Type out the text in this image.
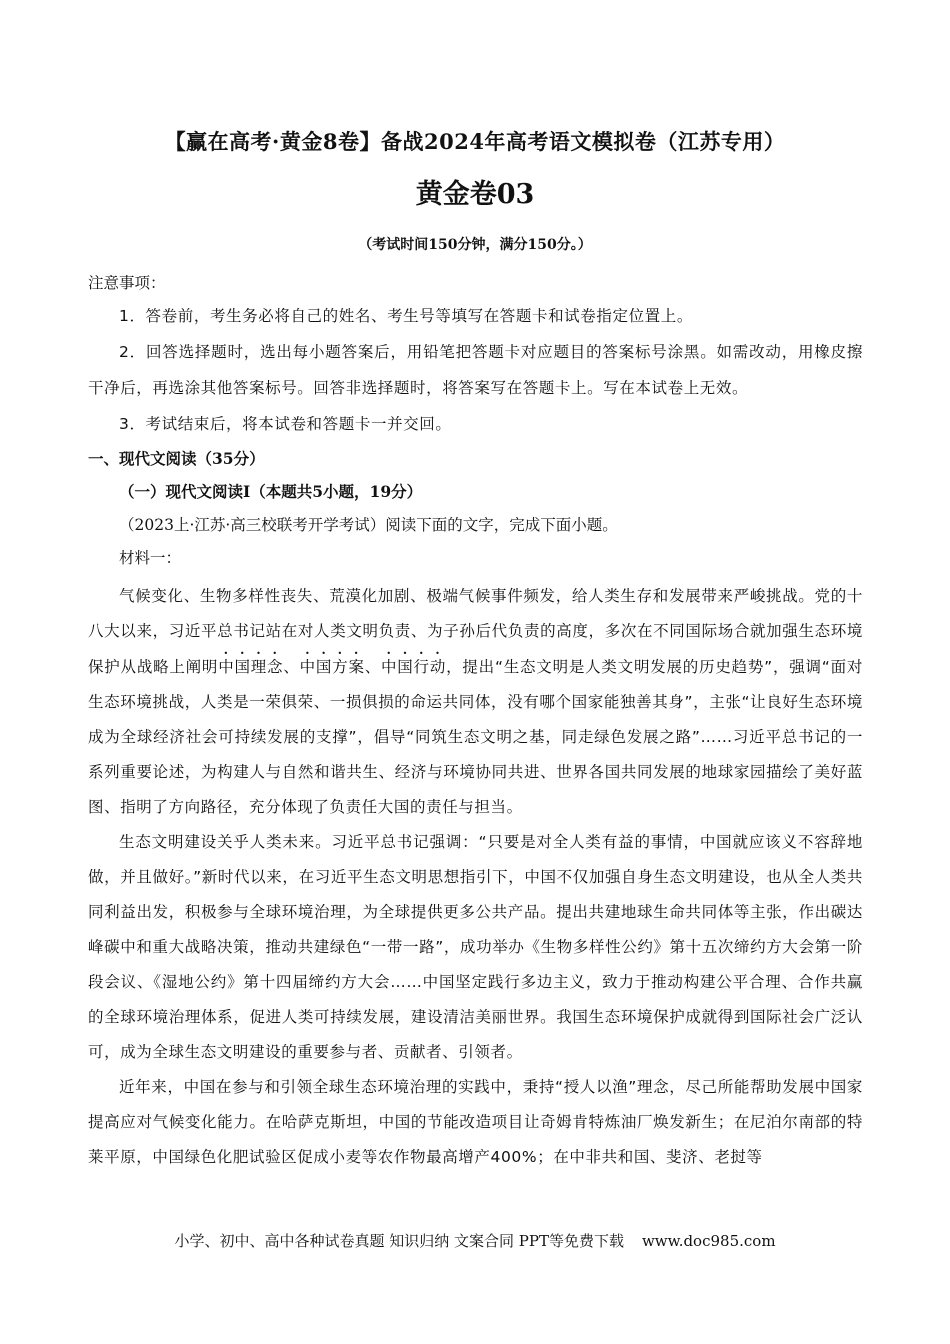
【赢在高考·黄金8卷】备战2024年高考语文模拟卷（江苏专用）
黄金卷03
（考试时间150分钟，满分150分。）
注意事项：

1．答卷前，考生务必将自己的姓名、考生号等填写在答题卡和试卷指定位置上。

2．回答选择题时，选出每小题答案后，用铅笔把答题卡对应题目的答案标号涂黑。如需改动，用橡皮擦干净后，再选涂其他答案标号。回答非选择题时，将答案写在答题卡上。写在本试卷上无效。

3．考试结束后，将本试卷和答题卡一并交回。

一、现代文阅读（35分）
（一）现代文阅读Ⅰ（本题共5小题，19分）
（2023上·江苏·高三校联考开学考试）阅读下面的文字，完成下面小题。
材料一：

气候变化、生物多样性丧失、荒漠化加剧、极端气候事件频发，给人类生存和发展带来严峻挑战。党的十八大以来，习近平总书记站在对人类文明负责、为子孙后代负责的高度，多次在不同国际场合就加强生态环境保护从战略上阐明中国理念、中国方案、中国行动，提出“生态文明是人类文明发展的历史趋势”，强调“面对生态环境挑战，人类是一荣俱荣、一损俱损的命运共同体，没有哪个国家能独善其身”，主张“让良好生态环境成为全球经济社会可持续发展的支撑”，倡导“同筑生态文明之基，同走绿色发展之路”……习近平总书记的一系列重要论述，为构建人与自然和谐共生、经济与环境协同共进、世界各国共同发展的地球家园描绘了美好蓝图、指明了方向路径，充分体现了负责任大国的责任与担当。

生态文明建设关乎人类未来。习近平总书记强调：“只要是对全人类有益的事情，中国就应该义不容辞地做，并且做好。”新时代以来，在习近平生态文明思想指引下，中国不仅加强自身生态文明建设，也从全人类共同利益出发，积极参与全球环境治理，为全球提供更多公共产品。提出共建地球生命共同体等主张，作出碳达峰碳中和重大战略决策，推动共建绿色“一带一路”，成功举办《生物多样性公约》第十五次缔约方大会第一阶段会议、《湿地公约》第十四届缔约方大会……中国坚定践行多边主义，致力于推动构建公平合理、合作共赢的全球环境治理体系，促进人类可持续发展，建设清洁美丽世界。我国生态环境保护成就得到国际社会广泛认可，成为全球生态文明建设的重要参与者、贡献者、引领者。

近年来，中国在参与和引领全球生态环境治理的实践中，秉持“授人以渔”理念，尽己所能帮助发展中国家提高应对气候变化能力。在哈萨克斯坦，中国的节能改造项目让奇姆肯特炼油厂焕发新生；在尼泊尔南部的特莱平原，中国绿色化肥试验区促成小麦等农作物最高增产400%；在中非共和国、斐济、老挝等

小学、初中、高中各种试卷真题 知识归纳 文案合同 PPT等免费下载 www.doc985.com
